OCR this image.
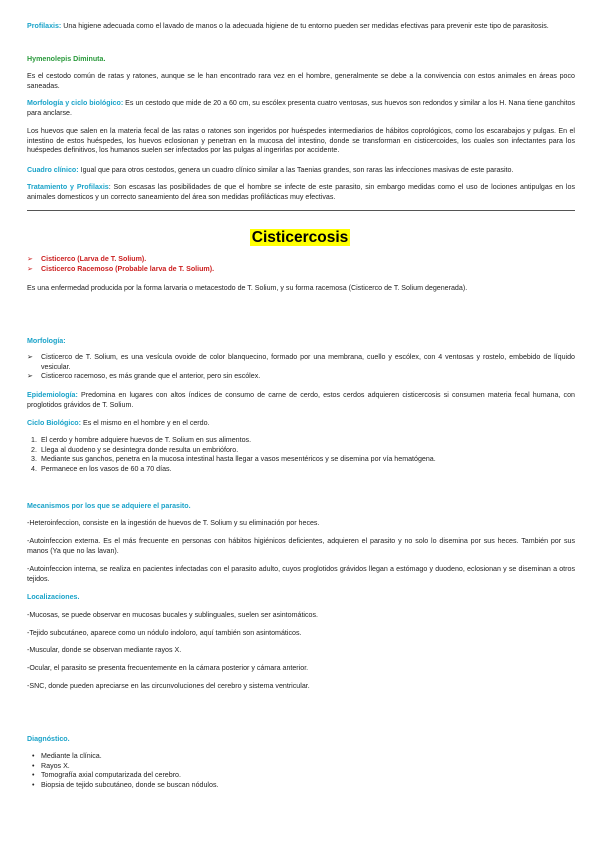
Profilaxis: Una higiene adecuada como el lavado de manos o la adecuada higiene de tu entorno pueden ser medidas efectivas para prevenir este tipo de parasitosis.

Hymenolepis Diminuta.

Es el cestodo común de ratas y ratones, aunque se le han encontrado rara vez en el hombre, generalmente se debe a la convivencia con estos animales en áreas poco saneadas.

Morfología y ciclo biológico: Es un cestodo que mide de 20 a 60 cm, su escólex presenta cuatro ventosas, sus huevos son redondos y similar a los H. Nana tiene ganchitos para anclarse.

Los huevos que salen en la materia fecal de las ratas o ratones son ingeridos por huéspedes intermediarios de hábitos coprológicos, como los escarabajos y pulgas. En el intestino de estos huéspedes, los huevos eclosionan y penetran en la mucosa del intestino, donde se transforman en cisticercoides, los cuales son infectantes para los huéspedes definitivos, los humanos suelen ser infectados por las pulgas al ingerirlas por accidente.

Cuadro clínico: Igual que para otros cestodos, genera un cuadro clínico similar a las Taenias grandes, son raras las infecciones masivas de este parasito.

Tratamiento y Profilaxis: Son escasas las posibilidades de que el hombre se infecte de este parasito, sin embargo medidas como el uso de lociones antipulgas en los animales domesticos y un correcto saneamiento del área son medidas profilácticas muy efectivas.

Cisticercosis
➢ Cisticerco (Larva de T. Solium).
➢ Cisticerco Racemoso (Probable larva de T. Solium).

Es una enfermedad producida por la forma larvaria o metacestodo de T. Solium, y su forma racemosa (Cisticerco de T. Solium degenerada).

Morfología:

➢ Cisticerco de T. Solium, es una vesícula ovoide de color blanquecino, formado por una membrana, cuello y escólex, con 4 ventosas y rostelo, embebido de líquido vesicular.
➢ Cisticerco racemoso, es más grande que el anterior, pero sin escólex.

Epidemiología: Predomina en lugares con altos índices de consumo de carne de cerdo, estos cerdos adquieren cisticercosis si consumen materia fecal humana, con proglotidos grávidos de T. Solium.

Ciclo Biológico: Es el mismo en el hombre y en el cerdo.

1. El cerdo y hombre adquiere huevos de T. Solium en sus alimentos.
2. Llega al duodeno y se desintegra donde resulta un embrióforo.
3. Mediante sus ganchos, penetra en la mucosa intestinal hasta llegar a vasos mesentéricos y se disemina por vía hematógena.
4. Permanece en los vasos de 60 a 70 días.

Mecanismos por los que se adquiere el parasito.

-Heteroinfeccion, consiste en la ingestión de huevos de T. Solium y su eliminación por heces.

-Autoinfeccion externa. Es el más frecuente en personas con hábitos higiénicos deficientes, adquieren el parasito y no solo lo disemina por sus heces. También por sus manos (Ya que no las lavan).

-Autoinfeccion interna, se realiza en pacientes infectadas con el parasito adulto, cuyos proglotidos grávidos llegan a estómago y duodeno, eclosionan y se diseminan a otros tejidos.

Localizaciones.

-Mucosas, se puede observar en mucosas bucales y sublinguales, suelen ser asintomáticos.

-Tejido subcutáneo, aparece como un nódulo indoloro, aquí también son asintomáticos.

-Muscular, donde se observan mediante rayos X.

-Ocular, el parasito se presenta frecuentemente en la cámara posterior y cámara anterior.

-SNC, donde pueden apreciarse en las circunvoluciones del cerebro y sistema ventricular.

Diagnóstico.

• Mediante la clínica.
• Rayos X.
• Tomografía axial computarizada del cerebro.
• Biopsia de tejido subcutáneo, donde se buscan nódulos.
